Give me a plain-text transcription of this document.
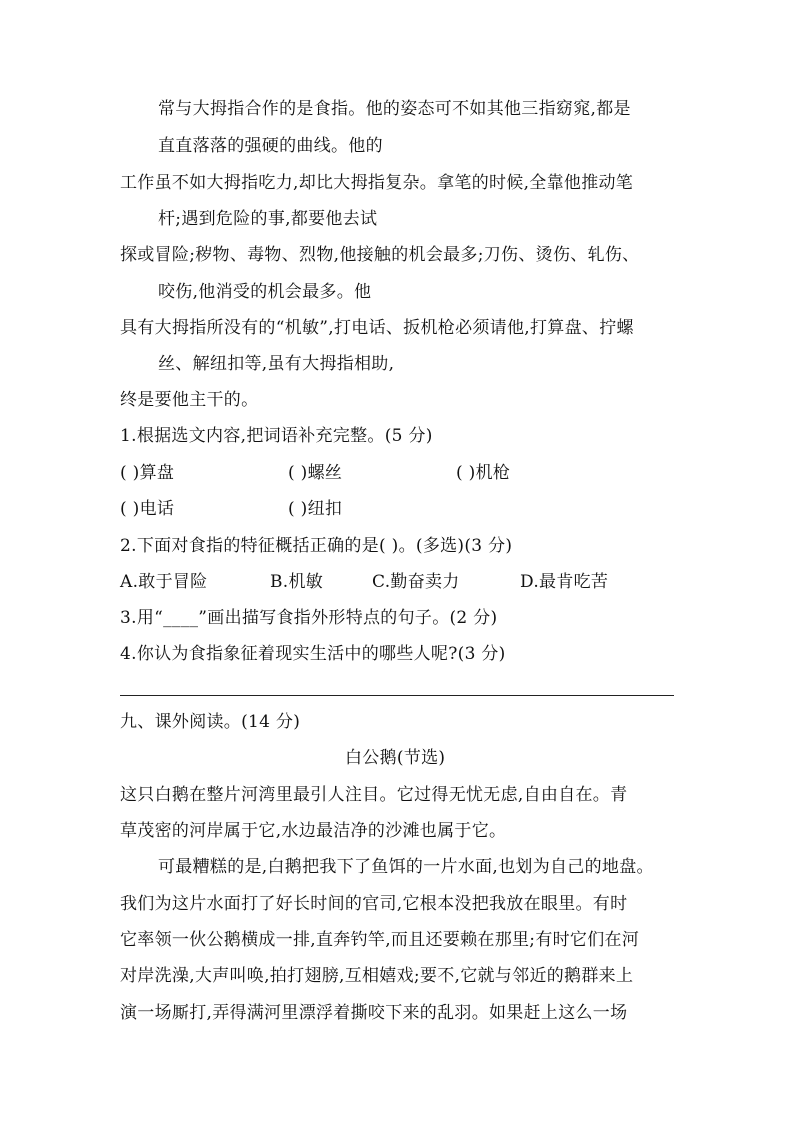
常与大拇指合作的是食指。他的姿态可不如其他三指窈窕,都是
直直落落的强硬的曲线。他的
工作虽不如大拇指吃力,却比大拇指复杂。拿笔的时候,全靠他推动笔
杆;遇到危险的事,都要他去试
探或冒险;秽物、毒物、烈物,他接触的机会最多;刀伤、烫伤、轧伤、
咬伤,他消受的机会最多。他
具有大拇指所没有的“机敏”,打电话、扳机枪必须请他,打算盘、拧螺
丝、解纽扣等,虽有大拇指相助,
终是要他主干的。
1.根据选文内容,把词语补充完整。(5 分)
( )算盘	( )螺丝	( )机枪
( )电话	( )纽扣
2.下面对食指的特征概括正确的是( )。(多选)(3 分)
A.敢于冒险	B.机敏	C.勤奋卖力	D.最肯吃苦
3.用“____”画出描写食指外形特点的句子。(2 分)
4.你认为食指象征着现实生活中的哪些人呢?(3 分)
九、课外阅读。(14 分)
白公鹅(节选)
这只白鹅在整片河湾里最引人注目。它过得无忧无虑,自由自在。青
草茂密的河岸属于它,水边最洁净的沙滩也属于它。
可最糟糕的是,白鹅把我下了鱼饵的一片水面,也划为自己的地盘。
我们为这片水面打了好长时间的官司,它根本没把我放在眼里。有时
它率领一伙公鹅横成一排,直奔钓竿,而且还要赖在那里;有时它们在河
对岸洗澡,大声叫唤,拍打翅膀,互相嬉戏;要不,它就与邻近的鹅群来上
演一场厮打,弄得满河里漂浮着撕咬下来的乱羽。如果赶上这么一场
